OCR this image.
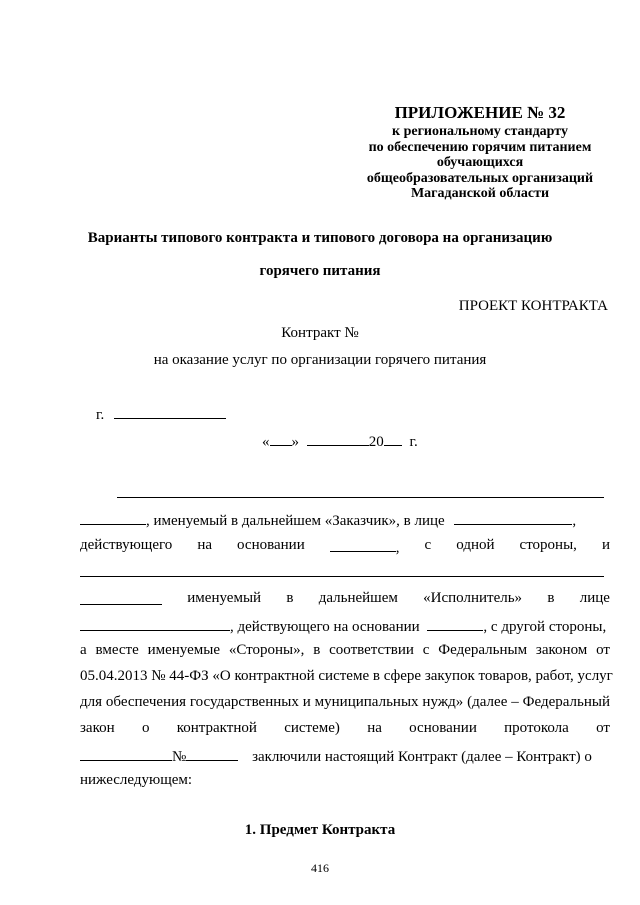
ПРИЛОЖЕНИЕ № 32
к региональному стандарту
по обеспечению горячим питанием
обучающихся
общеобразовательных организаций
Магаданской области
Варианты типового контракта и типового договора на организацию горячего питания
ПРОЕКТ КОНТРАКТА
Контракт №
на оказание услуг по организации горячего питания
г.
« »	20 г.
, именуемый в дальнейшем «Заказчик», в лице	,
действующего на основании	, с одной стороны, и
именуемый в дальнейшем «Исполнитель» в лице
, действующего на основании	, с другой стороны,
а вместе именуемые «Стороны», в соответствии с Федеральным законом от
05.04.2013 № 44-ФЗ «О контрактной системе в сфере закупок товаров, работ, услуг
для обеспечения государственных и муниципальных нужд» (далее – Федеральный
закон о контрактной системе) на основании протокола от
№	заключили настоящий Контракт (далее – Контракт) о
нижеследующем:
1. Предмет Контракта
416
